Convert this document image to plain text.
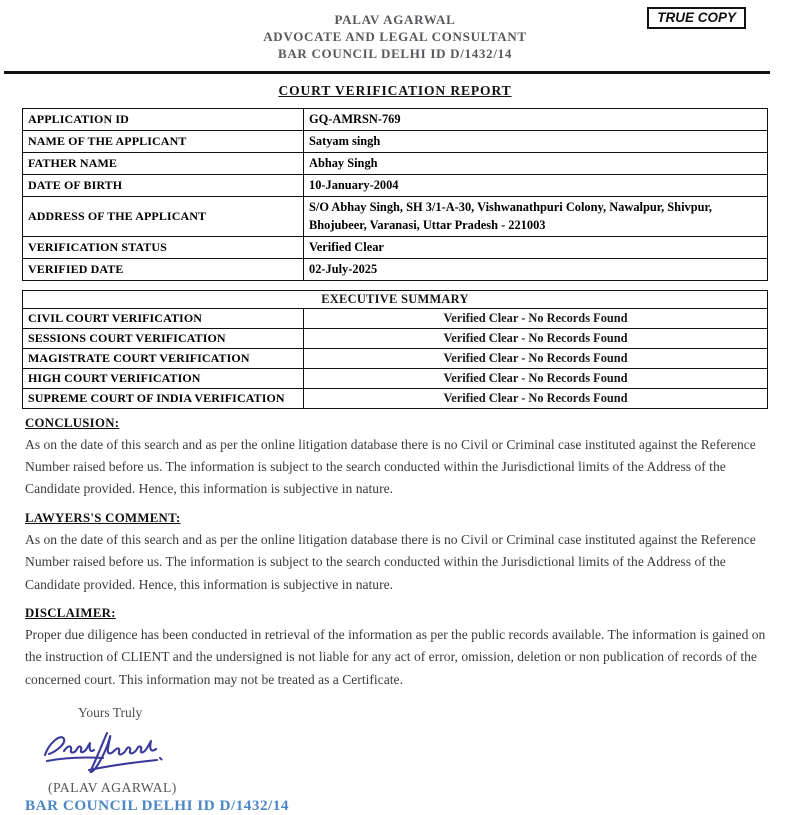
PALAV AGARWAL
ADVOCATE AND LEGAL CONSULTANT
BAR COUNCIL DELHI ID D/1432/14
TRUE COPY
COURT VERIFICATION REPORT
APPLICATION ID	GQ-AMRSN-769
NAME OF THE APPLICANT	Satyam singh
FATHER NAME	Abhay Singh
DATE OF BIRTH	10-January-2004
ADDRESS OF THE APPLICANT	S/O Abhay Singh, SH 3/1-A-30, Vishwanathpuri Colony, Nawalpur, Shivpur, Bhojubeer, Varanasi, Uttar Pradesh - 221003
VERIFICATION STATUS	Verified Clear
VERIFIED DATE	02-July-2025
EXECUTIVE SUMMARY	
CIVIL COURT VERIFICATION	Verified Clear - No Records Found
SESSIONS COURT VERIFICATION	Verified Clear - No Records Found
MAGISTRATE COURT VERIFICATION	Verified Clear - No Records Found
HIGH COURT VERIFICATION	Verified Clear - No Records Found
SUPREME COURT OF INDIA VERIFICATION	Verified Clear - No Records Found
CONCLUSION:

As on the date of this search and as per the online litigation database there is no Civil or Criminal case instituted against the Reference Number raised before us. The information is subject to the search conducted within the Jurisdictional limits of the Address of the Candidate provided. Hence, this information is subjective in nature.

LAWYERS'S COMMENT:

As on the date of this search and as per the online litigation database there is no Civil or Criminal case instituted against the Reference Number raised before us. The information is subject to the search conducted within the Jurisdictional limits of the Address of the Candidate provided. Hence, this information is subjective in nature.

DISCLAIMER:

Proper due diligence has been conducted in retrieval of the information as per the public records available. The information is gained on the instruction of CLIENT and the undersigned is not liable for any act of error, omission, deletion or non publication of records of the concerned court. This information may not be treated as a Certificate.

Yours Truly
(PALAV AGARWAL)
BAR COUNCIL DELHI ID D/1432/14
